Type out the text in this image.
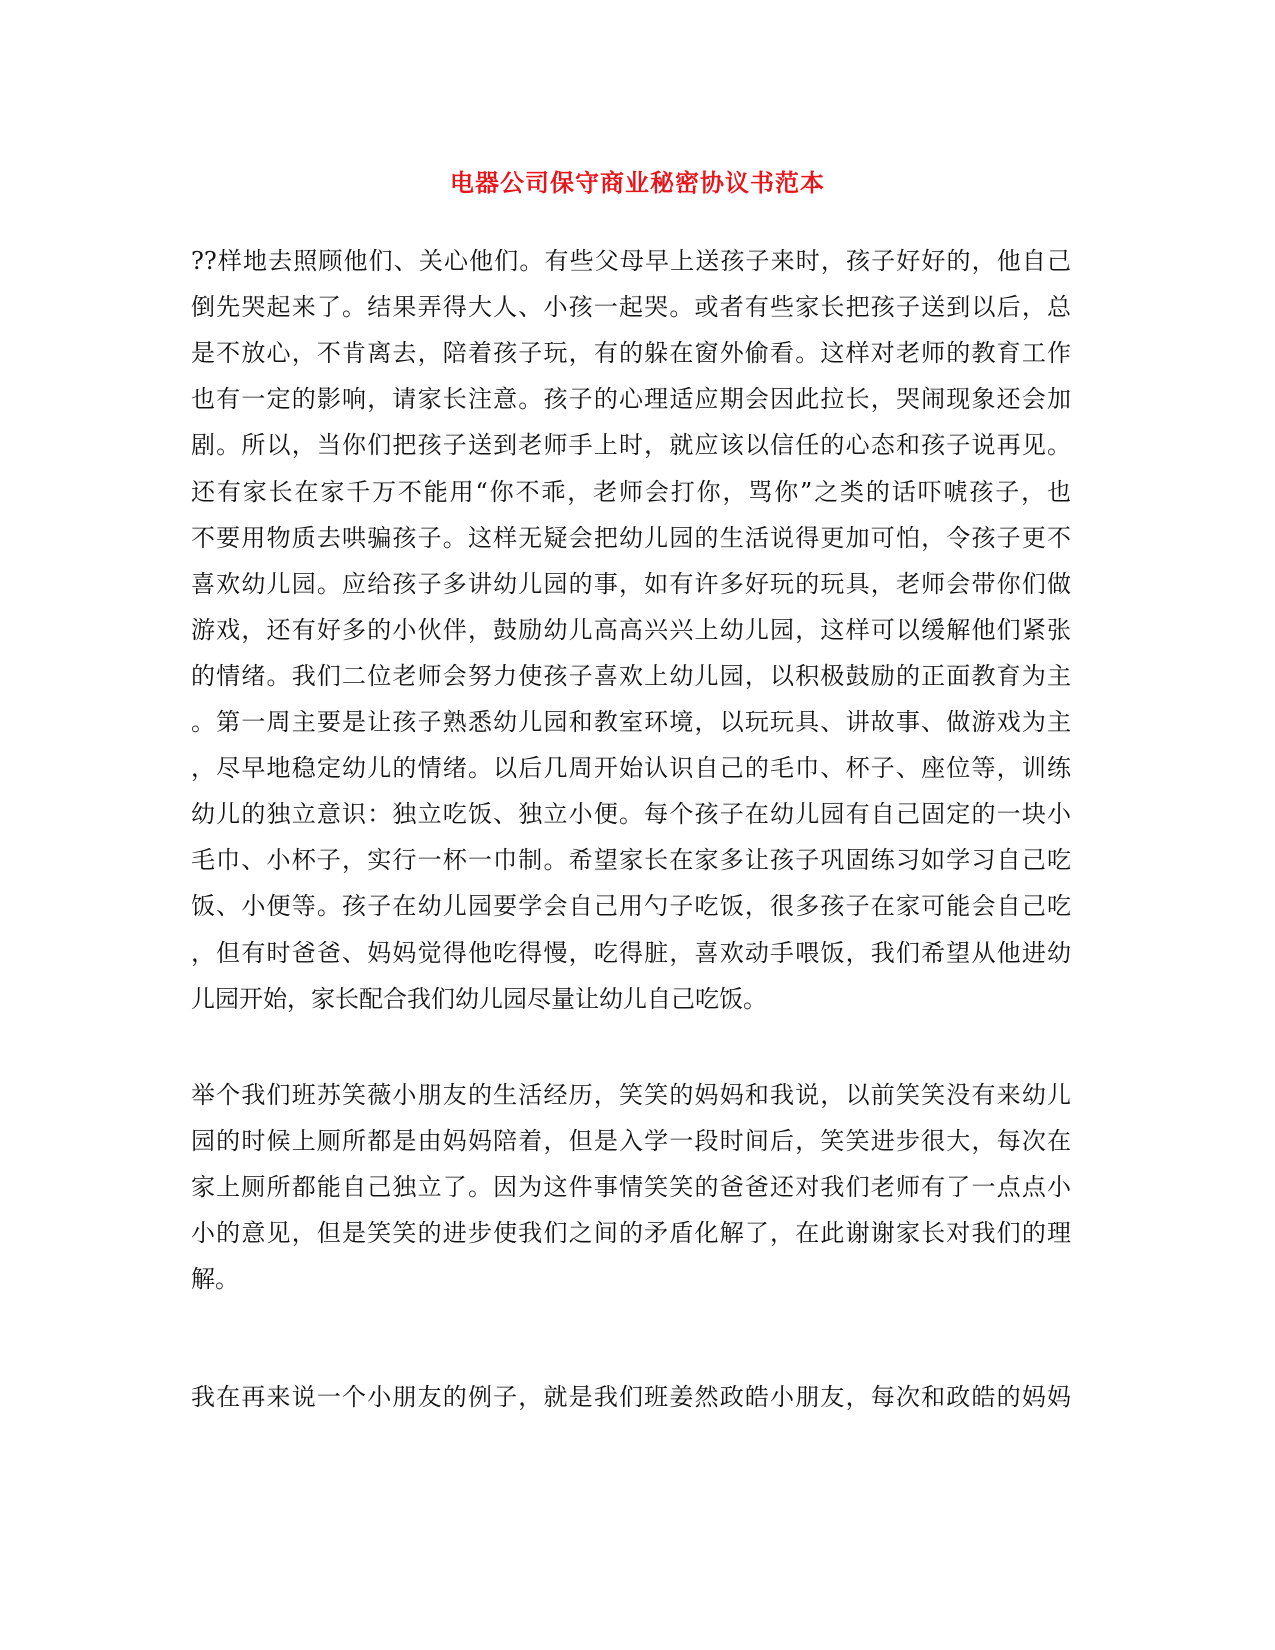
电器公司保守商业秘密协议书范本
??样地去照顾他们、关心他们。有些父母早上送孩子来时，孩子好好的，他自己
倒先哭起来了。结果弄得大人、小孩一起哭。或者有些家长把孩子送到以后，总
是不放心，不肯离去，陪着孩子玩，有的躲在窗外偷看。这样对老师的教育工作
也有一定的影响，请家长注意。孩子的心理适应期会因此拉长，哭闹现象还会加
剧。所以，当你们把孩子送到老师手上时，就应该以信任的心态和孩子说再见。
还有家长在家千万不能用“你不乖，老师会打你，骂你”之类的话吓唬孩子，也
不要用物质去哄骗孩子。这样无疑会把幼儿园的生活说得更加可怕，令孩子更不
喜欢幼儿园。应给孩子多讲幼儿园的事，如有许多好玩的玩具，老师会带你们做
游戏，还有好多的小伙伴，鼓励幼儿高高兴兴上幼儿园，这样可以缓解他们紧张
的情绪。我们二位老师会努力使孩子喜欢上幼儿园，以积极鼓励的正面教育为主
。第一周主要是让孩子熟悉幼儿园和教室环境，以玩玩具、讲故事、做游戏为主
，尽早地稳定幼儿的情绪。以后几周开始认识自己的毛巾、杯子、座位等，训练
幼儿的独立意识：独立吃饭、独立小便。每个孩子在幼儿园有自己固定的一块小
毛巾、小杯子，实行一杯一巾制。希望家长在家多让孩子巩固练习如学习自己吃
饭、小便等。孩子在幼儿园要学会自己用勺子吃饭，很多孩子在家可能会自己吃
，但有时爸爸、妈妈觉得他吃得慢，吃得脏，喜欢动手喂饭，我们希望从他进幼
儿园开始，家长配合我们幼儿园尽量让幼儿自己吃饭。
举个我们班苏笑薇小朋友的生活经历，笑笑的妈妈和我说，以前笑笑没有来幼儿
园的时候上厕所都是由妈妈陪着，但是入学一段时间后，笑笑进步很大，每次在
家上厕所都能自己独立了。因为这件事情笑笑的爸爸还对我们老师有了一点点小
小的意见，但是笑笑的进步使我们之间的矛盾化解了，在此谢谢家长对我们的理
解。
我在再来说一个小朋友的例子，就是我们班姜然政皓小朋友，每次和政皓的妈妈
